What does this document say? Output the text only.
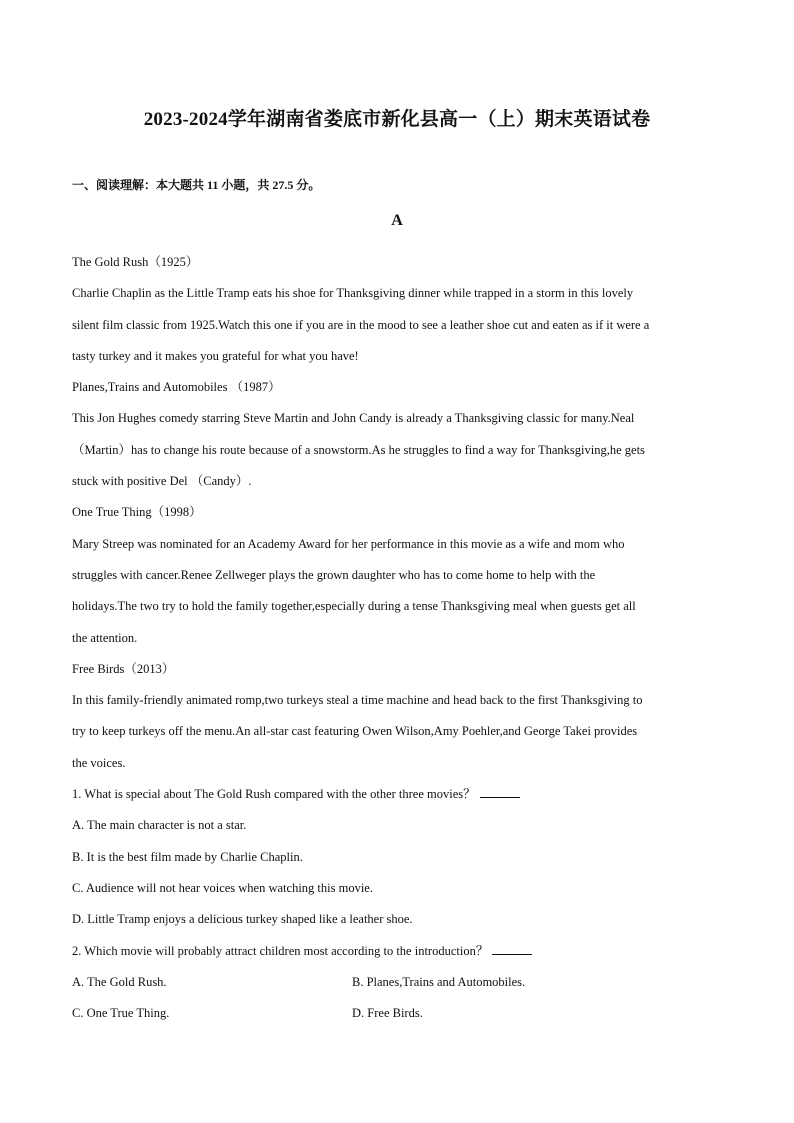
2023-2024学年湖南省娄底市新化县高一（上）期末英语试卷
一、阅读理解：本大题共 11 小题，共 27.5 分。
A
The Gold Rush（1925）
Charlie Chaplin as the Little Tramp eats his shoe for Thanksgiving dinner while trapped in a storm in this lovely
silent film classic from 1925.Watch this one if you are in the mood to see a leather shoe cut and eaten as if it were a
tasty turkey and it makes you grateful for what you have!
Planes,Trains and Automobiles （1987）
This Jon Hughes comedy starring Steve Martin and John Candy is already a Thanksgiving classic for many.Neal
（Martin）has to change his route because of a snowstorm.As he struggles to find a way for Thanksgiving,he gets
stuck with positive Del （Candy）.
One True Thing（1998）
Mary Streep was nominated for an Academy Award for her performance in this movie as a wife and mom who
struggles with cancer.Renee Zellweger plays the grown daughter who has to come home to help with the
holidays.The two try to hold the family together,especially during a tense Thanksgiving meal when guests get all
the attention.
Free Birds（2013）
In this family-friendly animated romp,two turkeys steal a time machine and head back to the first Thanksgiving to
try to keep turkeys off the menu.An all-star cast featuring Owen Wilson,Amy Poehler,and George Takei provides
the voices.
1. What is special about The Gold Rush compared with the other three movies？
A. The main character is not a star.
B. It is the best film made by Charlie Chaplin.
C. Audience will not hear voices when watching this movie.
D. Little Tramp enjoys a delicious turkey shaped like a leather shoe.
2. Which movie will probably attract children most according to the introduction？
A. The Gold Rush.	B. Planes,Trains and Automobiles.
C. One True Thing.	D. Free Birds.
